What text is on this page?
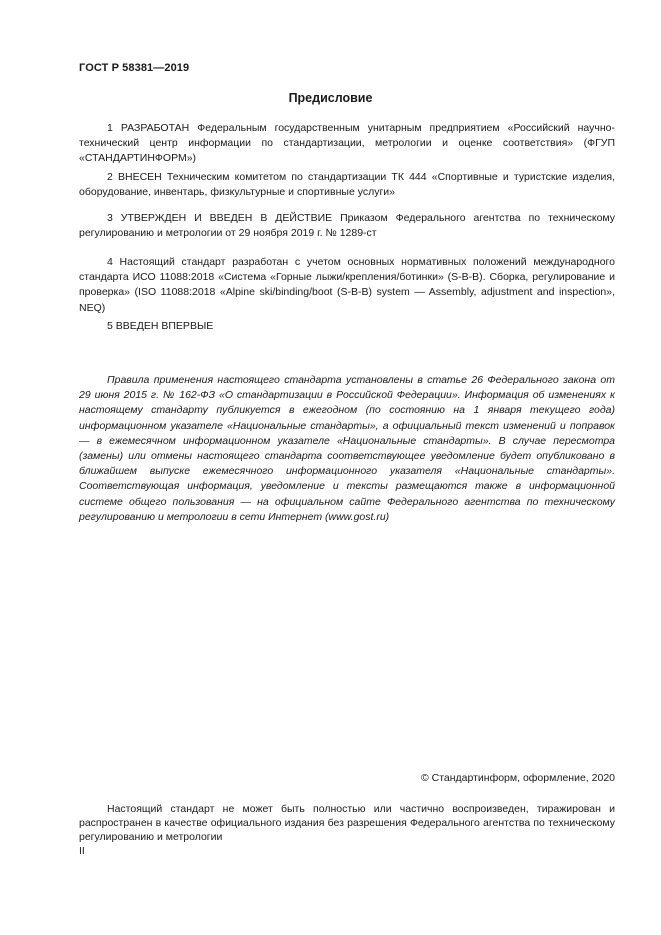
ГОСТ Р 58381—2019
Предисловие
1 РАЗРАБОТАН Федеральным государственным унитарным предприятием «Российский научно-технический центр информации по стандартизации, метрологии и оценке соответствия» (ФГУП «СТАНДАРТИНФОРМ»)
2 ВНЕСЕН Техническим комитетом по стандартизации ТК 444 «Спортивные и туристские изделия, оборудование, инвентарь, физкультурные и спортивные услуги»
3 УТВЕРЖДЕН И ВВЕДЕН В ДЕЙСТВИЕ Приказом Федерального агентства по техническому регулированию и метрологии от 29 ноября 2019 г. № 1289-ст
4 Настоящий стандарт разработан с учетом основных нормативных положений международного стандарта ИСО 11088:2018 «Система «Горные лыжи/крепления/ботинки» (S-B-B). Сборка, регулирование и проверка» (ISO 11088:2018 «Alpine ski/binding/boot (S-B-B) system — Assembly, adjustment and inspection», NEQ)
5 ВВЕДЕН ВПЕРВЫЕ
Правила применения настоящего стандарта установлены в статье 26 Федерального закона от 29 июня 2015 г. № 162-ФЗ «О стандартизации в Российской Федерации». Информация об изменениях к настоящему стандарту публикуется в ежегодном (по состоянию на 1 января текущего года) информационном указателе «Национальные стандарты», а официальный текст изменений и поправок — в ежемесячном информационном указателе «Национальные стандарты». В случае пересмотра (замены) или отмены настоящего стандарта соответствующее уведомление будет опубликовано в ближайшем выпуске ежемесячного информационного указателя «Национальные стандарты». Соответствующая информация, уведомление и тексты размещаются также в информационной системе общего пользования — на официальном сайте Федерального агентства по техническому регулированию и метрологии в сети Интернет (www.gost.ru)
© Стандартинформ, оформление, 2020
Настоящий стандарт не может быть полностью или частично воспроизведен, тиражирован и распространен в качестве официального издания без разрешения Федерального агентства по техническому регулированию и метрологии
II
